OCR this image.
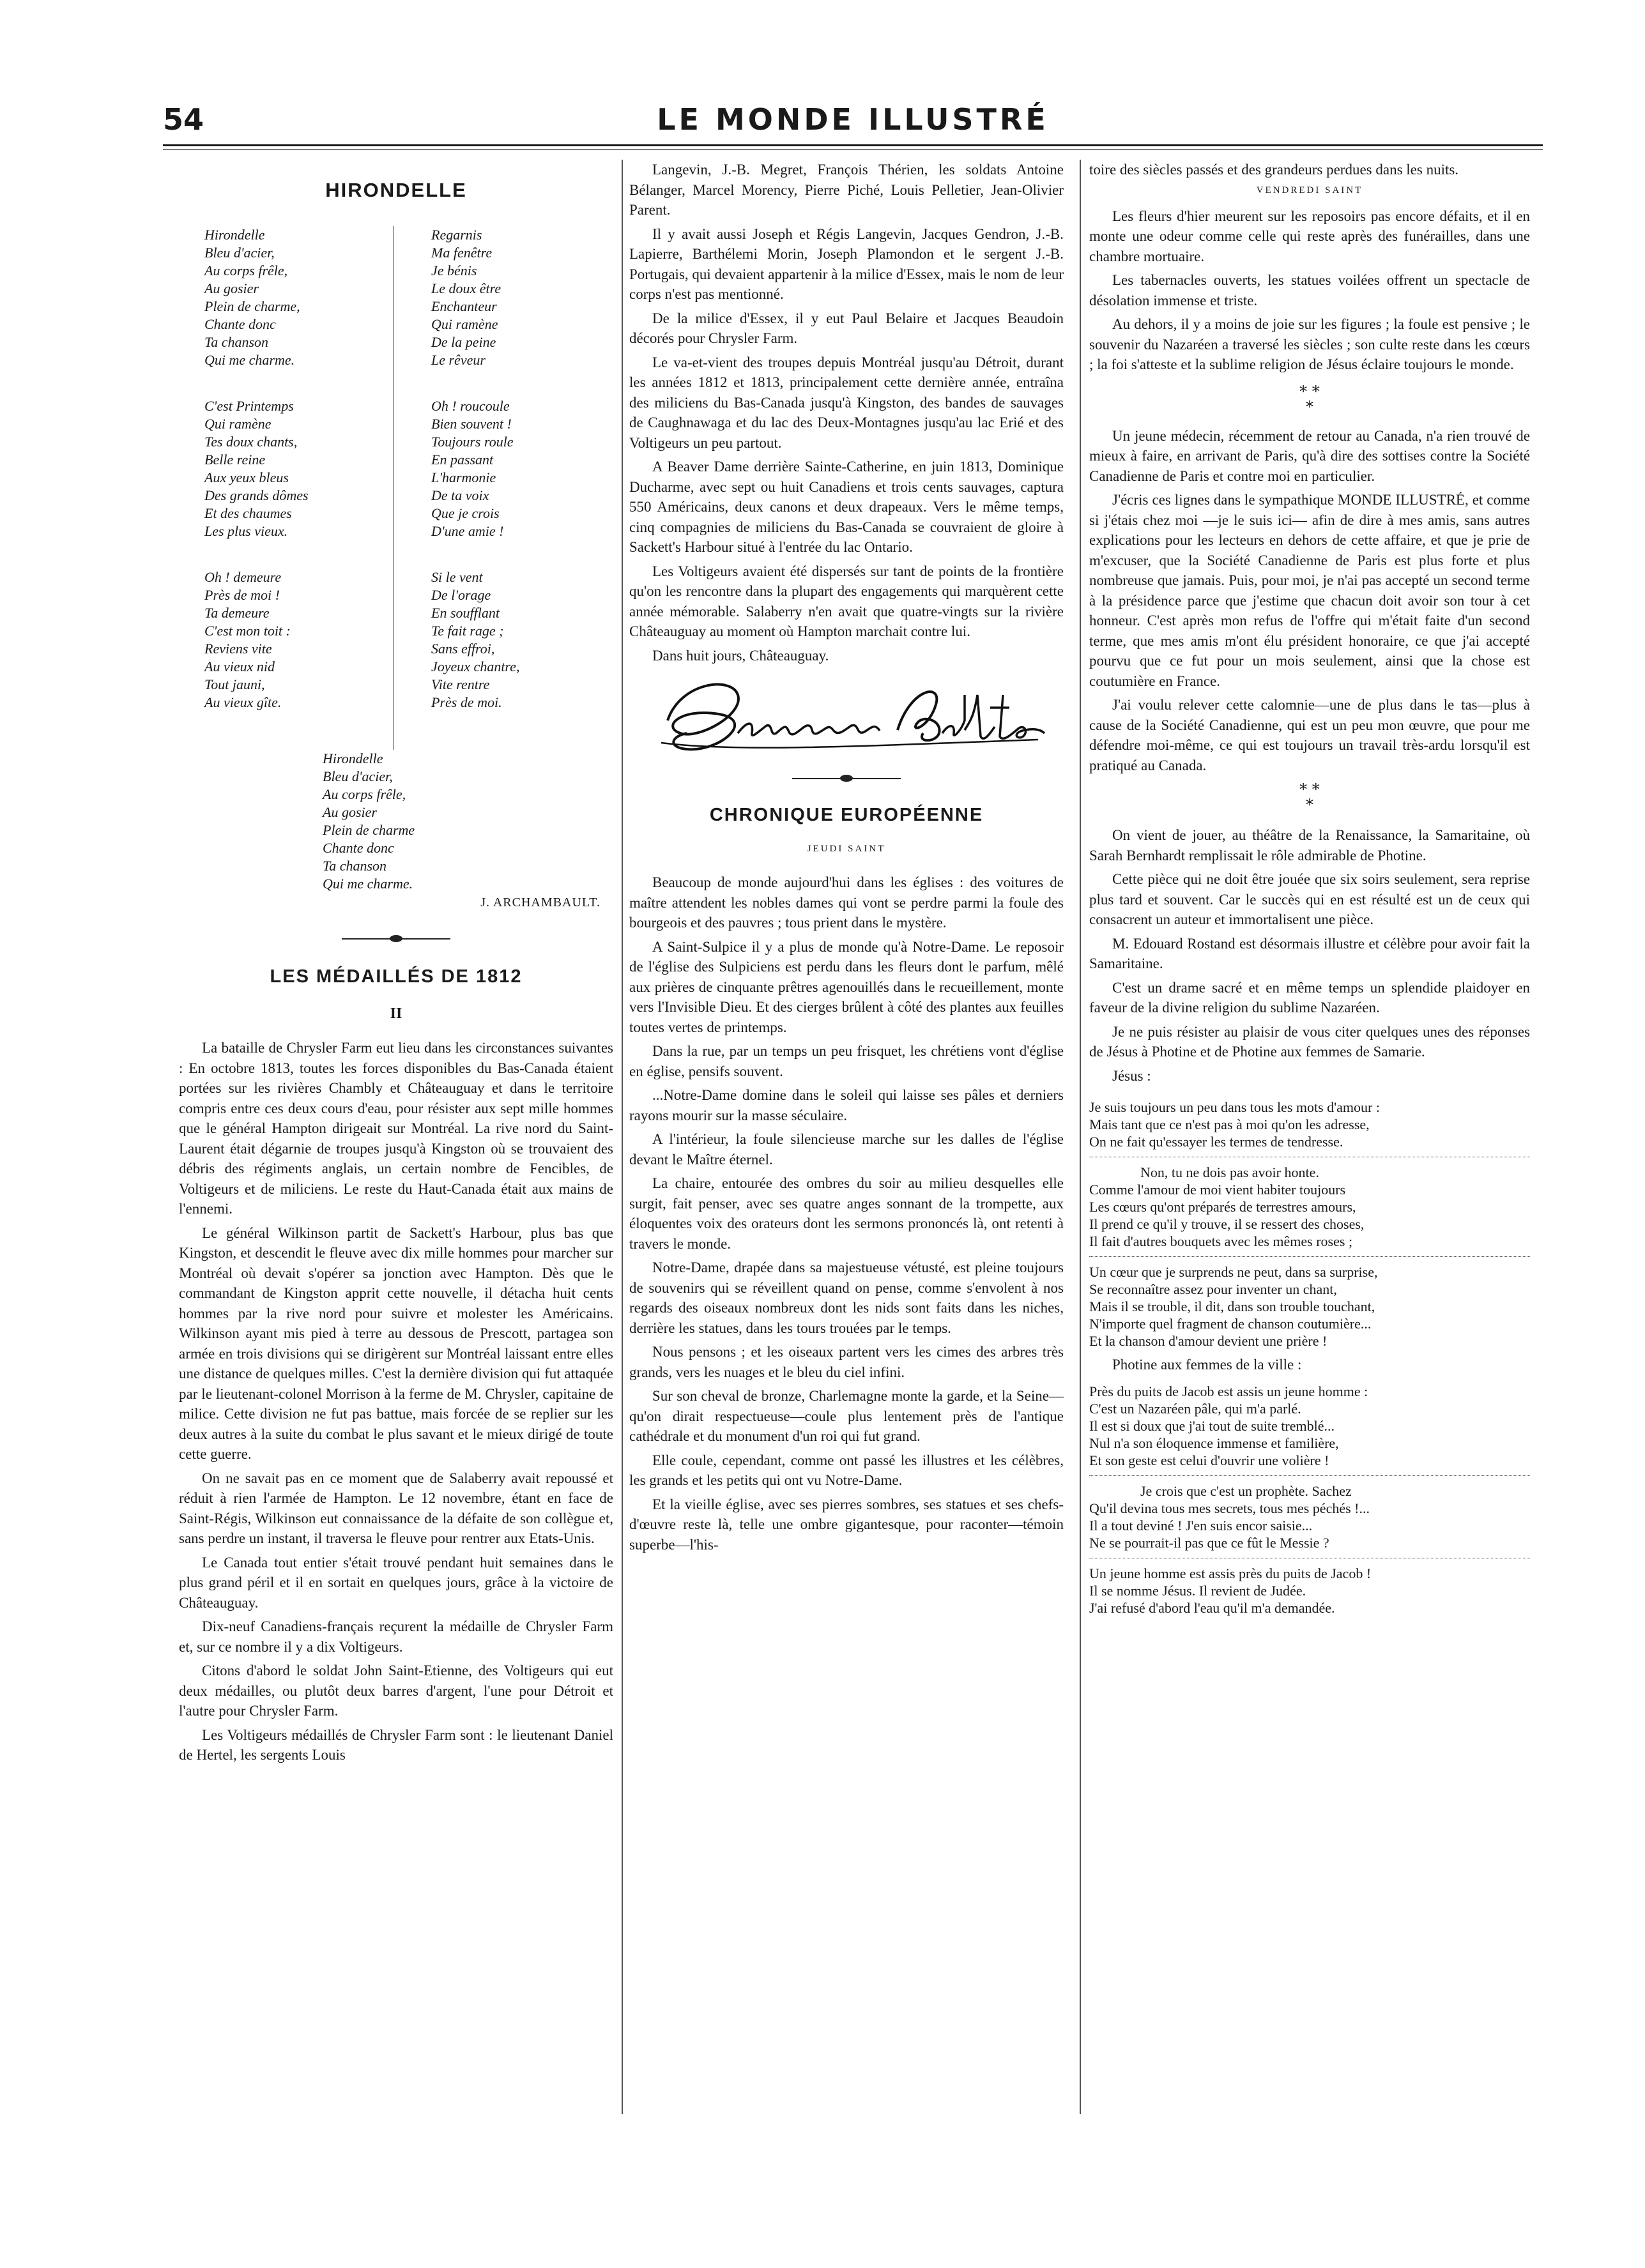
54	LE MONDE ILLUSTRÉ

HIRONDELLE

Hirondelle
Bleu d'acier,
Au corps frêle,
Au gosier
Plein de charme,
Chante donc
Ta chanson
Qui me charme.
C'est Printemps
Qui ramène
Tes doux chants,
Belle reine
Aux yeux bleus
Des grands dômes
Et des chaumes
Les plus vieux.
Oh ! demeure
Près de moi !
Ta demeure
C'est mon toit :
Reviens vite
Au vieux nid
Tout jauni,
Au vieux gîte.
Regarnis
Ma fenêtre
Je bénis
Le doux être
Enchanteur
Qui ramène
De la peine
Le rêveur
Oh ! roucoule
Bien souvent !
Toujours roule
En passant
L'harmonie
De ta voix
Que je crois
D'une amie !
Si le vent
De l'orage
En soufflant
Te fait rage ;
Sans effroi,
Joyeux chantre,
Vite rentre
Près de moi.
Hirondelle
Bleu d'acier,
Au corps frêle,
Au gosier
Plein de charme
Chante donc
Ta chanson
Qui me charme.

J. ARCHAMBAULT.

LES MÉDAILLÉS DE 1812

II

La bataille de Chrysler Farm eut lieu dans les circonstances suivantes : En octobre 1813, toutes les forces disponibles du Bas-Canada étaient portées sur les rivières Chambly et Châteauguay et dans le territoire compris entre ces deux cours d'eau, pour résister aux sept mille hommes que le général Hampton dirigeait sur Montréal. La rive nord du Saint-Laurent était dégarnie de troupes jusqu'à Kingston où se trouvaient des débris des régiments anglais, un certain nombre de Fencibles, de Voltigeurs et de miliciens. Le reste du Haut-Canada était aux mains de l'ennemi.

Le général Wilkinson partit de Sackett's Harbour, plus bas que Kingston, et descendit le fleuve avec dix mille hommes pour marcher sur Montréal où devait s'opérer sa jonction avec Hampton. Dès que le commandant de Kingston apprit cette nouvelle, il détacha huit cents hommes par la rive nord pour suivre et molester les Américains. Wilkinson ayant mis pied à terre au dessous de Prescott, partagea son armée en trois divisions qui se dirigèrent sur Montréal laissant entre elles une distance de quelques milles. C'est la dernière division qui fut attaquée par le lieutenant-colonel Morrison à la ferme de M. Chrysler, capitaine de milice. Cette division ne fut pas battue, mais forcée de se replier sur les deux autres à la suite du combat le plus savant et le mieux dirigé de toute cette guerre.

On ne savait pas en ce moment que de Salaberry avait repoussé et réduit à rien l'armée de Hampton. Le 12 novembre, étant en face de Saint-Régis, Wilkinson eut connaissance de la défaite de son collègue et, sans perdre un instant, il traversa le fleuve pour rentrer aux Etats-Unis.

Le Canada tout entier s'était trouvé pendant huit semaines dans le plus grand péril et il en sortait en quelques jours, grâce à la victoire de Châteauguay.

Dix-neuf Canadiens-français reçurent la médaille de Chrysler Farm et, sur ce nombre il y a dix Voltigeurs.

Citons d'abord le soldat John Saint-Etienne, des Voltigeurs qui eut deux médailles, ou plutôt deux barres d'argent, l'une pour Détroit et l'autre pour Chrysler Farm.

Les Voltigeurs médaillés de Chrysler Farm sont : le lieutenant Daniel de Hertel, les sergents Louis

Langevin, J.-B. Megret, François Thérien, les soldats Antoine Bélanger, Marcel Morency, Pierre Piché, Louis Pelletier, Jean-Olivier Parent.

Il y avait aussi Joseph et Régis Langevin, Jacques Gendron, J.-B. Lapierre, Barthélemi Morin, Joseph Plamondon et le sergent J.-B. Portugais, qui devaient appartenir à la milice d'Essex, mais le nom de leur corps n'est pas mentionné.

De la milice d'Essex, il y eut Paul Belaire et Jacques Beaudoin décorés pour Chrysler Farm.

Le va-et-vient des troupes depuis Montréal jusqu'au Détroit, durant les années 1812 et 1813, principalement cette dernière année, entraîna des miliciens du Bas-Canada jusqu'à Kingston, des bandes de sauvages de Caughnawaga et du lac des Deux-Montagnes jusqu'au lac Erié et des Voltigeurs un peu partout.

A Beaver Dame derrière Sainte-Catherine, en juin 1813, Dominique Ducharme, avec sept ou huit Canadiens et trois cents sauvages, captura 550 Américains, deux canons et deux drapeaux. Vers le même temps, cinq compagnies de miliciens du Bas-Canada se couvraient de gloire à Sackett's Harbour situé à l'entrée du lac Ontario.

Les Voltigeurs avaient été dispersés sur tant de points de la frontière qu'on les rencontre dans la plupart des engagements qui marquèrent cette année mémorable. Salaberry n'en avait que quatre-vingts sur la rivière Châteauguay au moment où Hampton marchait contre lui.

Dans huit jours, Châteauguay.

CHRONIQUE EUROPÉENNE

JEUDI SAINT

Beaucoup de monde aujourd'hui dans les églises : des voitures de maître attendent les nobles dames qui vont se perdre parmi la foule des bourgeois et des pauvres ; tous prient dans le mystère.

A Saint-Sulpice il y a plus de monde qu'à Notre-Dame. Le reposoir de l'église des Sulpiciens est perdu dans les fleurs dont le parfum, mêlé aux prières de cinquante prêtres agenouillés dans le recueillement, monte vers l'Invisible Dieu. Et des cierges brûlent à côté des plantes aux feuilles toutes vertes de printemps.

Dans la rue, par un temps un peu frisquet, les chrétiens vont d'église en église, pensifs souvent.

...Notre-Dame domine dans le soleil qui laisse ses pâles et derniers rayons mourir sur la masse séculaire.

A l'intérieur, la foule silencieuse marche sur les dalles de l'église devant le Maître éternel.

La chaire, entourée des ombres du soir au milieu desquelles elle surgit, fait penser, avec ses quatre anges sonnant de la trompette, aux éloquentes voix des orateurs dont les sermons prononcés là, ont retenti à travers le monde.

Notre-Dame, drapée dans sa majestueuse vétusté, est pleine toujours de souvenirs qui se réveillent quand on pense, comme s'envolent à nos regards des oiseaux nombreux dont les nids sont faits dans les niches, derrière les statues, dans les tours trouées par le temps.

Nous pensons ; et les oiseaux partent vers les cimes des arbres très grands, vers les nuages et le bleu du ciel infini.

Sur son cheval de bronze, Charlemagne monte la garde, et la Seine—qu'on dirait respectueuse—coule plus lentement près de l'antique cathédrale et du monument d'un roi qui fut grand.

Elle coule, cependant, comme ont passé les illustres et les célèbres, les grands et les petits qui ont vu Notre-Dame.

Et la vieille église, avec ses pierres sombres, ses statues et ses chefs-d'œuvre reste là, telle une ombre gigantesque, pour raconter—témoin superbe—l'his-

toire des siècles passés et des grandeurs perdues dans les nuits.

VENDREDI SAINT

Les fleurs d'hier meurent sur les reposoirs pas encore défaits, et il en monte une odeur comme celle qui reste après des funérailles, dans une chambre mortuaire.

Les tabernacles ouverts, les statues voilées offrent un spectacle de désolation immense et triste.

Au dehors, il y a moins de joie sur les figures ; la foule est pensive ; le souvenir du Nazaréen a traversé les siècles ; son culte reste dans les cœurs ; la foi s'atteste et la sublime religion de Jésus éclaire toujours le monde.

* *
*

Un jeune médecin, récemment de retour au Canada, n'a rien trouvé de mieux à faire, en arrivant de Paris, qu'à dire des sottises contre la Société Canadienne de Paris et contre moi en particulier.

J'écris ces lignes dans le sympathique MONDE ILLUSTRÉ, et comme si j'étais chez moi —je le suis ici— afin de dire à mes amis, sans autres explications pour les lecteurs en dehors de cette affaire, et que je prie de m'excuser, que la Société Canadienne de Paris est plus forte et plus nombreuse que jamais. Puis, pour moi, je n'ai pas accepté un second terme à la présidence parce que j'estime que chacun doit avoir son tour à cet honneur. C'est après mon refus de l'offre qui m'était faite d'un second terme, que mes amis m'ont élu président honoraire, ce que j'ai accepté pourvu que ce fut pour un mois seulement, ainsi que la chose est coutumière en France.

J'ai voulu relever cette calomnie—une de plus dans le tas—plus à cause de la Société Canadienne, qui est un peu mon œuvre, que pour me défendre moi-même, ce qui est toujours un travail très-ardu lorsqu'il est pratiqué au Canada.

* *
*

On vient de jouer, au théâtre de la Renaissance, la Samaritaine, où Sarah Bernhardt remplissait le rôle admirable de Photine.

Cette pièce qui ne doit être jouée que six soirs seulement, sera reprise plus tard et souvent. Car le succès qui en est résulté est un de ceux qui consacrent un auteur et immortalisent une pièce.

M. Edouard Rostand est désormais illustre et célèbre pour avoir fait la Samaritaine.

C'est un drame sacré et en même temps un splendide plaidoyer en faveur de la divine religion du sublime Nazaréen.

Je ne puis résister au plaisir de vous citer quelques unes des réponses de Jésus à Photine et de Photine aux femmes de Samarie.

Jésus :

Je suis toujours un peu dans tous les mots d'amour :
Mais tant que ce n'est pas à moi qu'on les adresse,
On ne fait qu'essayer les termes de tendresse.
Non, tu ne dois pas avoir honte.
Comme l'amour de moi vient habiter toujours
Les cœurs qu'ont préparés de terrestres amours,
Il prend ce qu'il y trouve, il se ressert des choses,
Il fait d'autres bouquets avec les mêmes roses ;
Un cœur que je surprends ne peut, dans sa surprise,
Se reconnaître assez pour inventer un chant,
Mais il se trouble, il dit, dans son trouble touchant,
N'importe quel fragment de chanson coutumière...
Et la chanson d'amour devient une prière !

Photine aux femmes de la ville :

Près du puits de Jacob est assis un jeune homme :
C'est un Nazaréen pâle, qui m'a parlé.
Il est si doux que j'ai tout de suite tremblé...
Nul n'a son éloquence immense et familière,
Et son geste est celui d'ouvrir une volière !
Je crois que c'est un prophète. Sachez
Qu'il devina tous mes secrets, tous mes péchés !...
Il a tout deviné ! J'en suis encor saisie...
Ne se pourrait-il pas que ce fût le Messie ?
Un jeune homme est assis près du puits de Jacob !
Il se nomme Jésus. Il revient de Judée.
J'ai refusé d'abord l'eau qu'il m'a demandée.
